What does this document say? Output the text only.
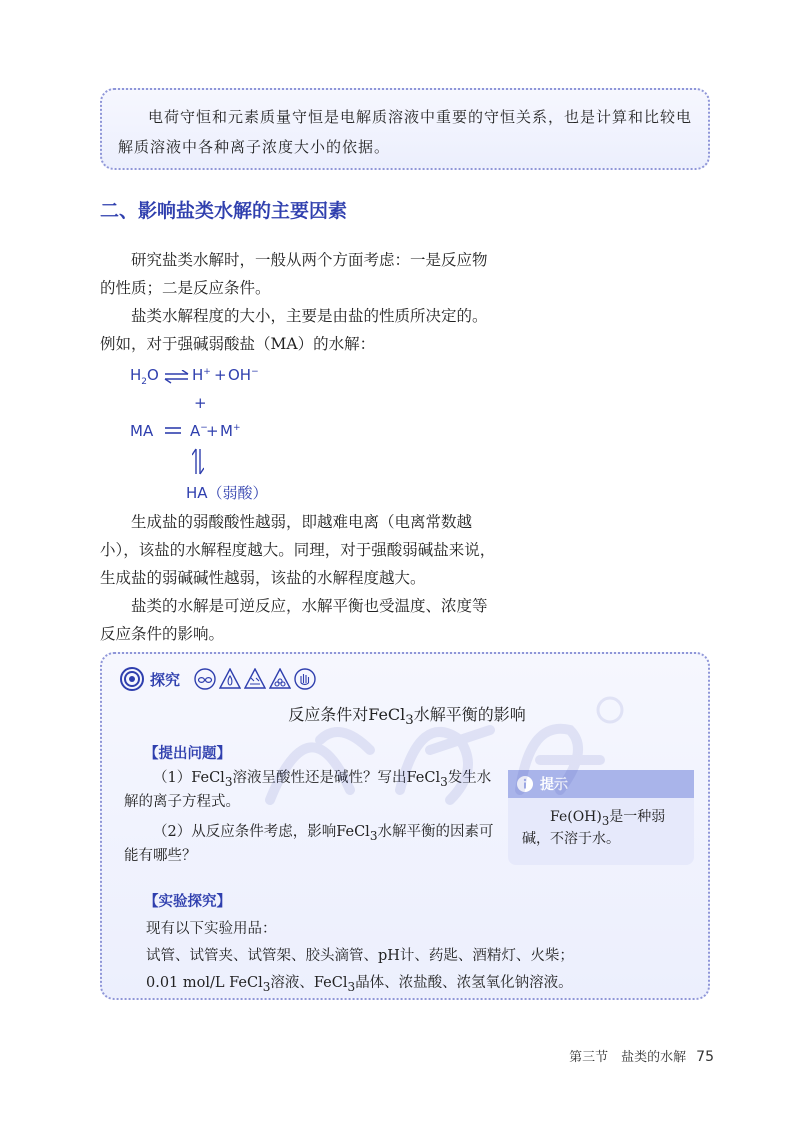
电荷守恒和元素质量守恒是电解质溶液中重要的守恒关系，也是计算和比较电解质溶液中各种离子浓度大小的依据。

二、影响盐类水解的主要因素

研究盐类水解时，一般从两个方面考虑：一是反应物的性质；二是反应条件。

盐类水解程度的大小，主要是由盐的性质所决定的。例如，对于强碱弱酸盐（MA）的水解：

$H_2O$ ⇌ H+ + OH−
+
MA A−
+ M+
HA（弱酸）

生成盐的弱酸酸性越弱，即越难电离（电离常数越小），该盐的水解程度越大。同理，对于强酸弱碱盐来说，生成盐的弱碱碱性越弱，该盐的水解程度越大。

盐类的水解是可逆反应，水解平衡也受温度、浓度等反应条件的影响。

探究

反应条件对FeCl$_3$水解平衡的影响

【提出问题】

（1）FeCl$_3$溶液呈酸性还是碱性？写出FeCl$_3$发生水解的离子方程式。

（2）从反应条件考虑，影响FeCl$_3$水解平衡的因素可能有哪些？

提示

$Fe(OH)_3$是一种弱碱，不溶于水。

【实验探究】

现有以下实验用品：

试管、试管夹、试管架、胶头滴管、pH计、药匙、酒精灯、火柴；

0.01 mol/L FeCl$_3$溶液、FeCl$_3$晶体、浓盐酸、浓氢氧化钠溶液。

第三节　盐类的水解 75
